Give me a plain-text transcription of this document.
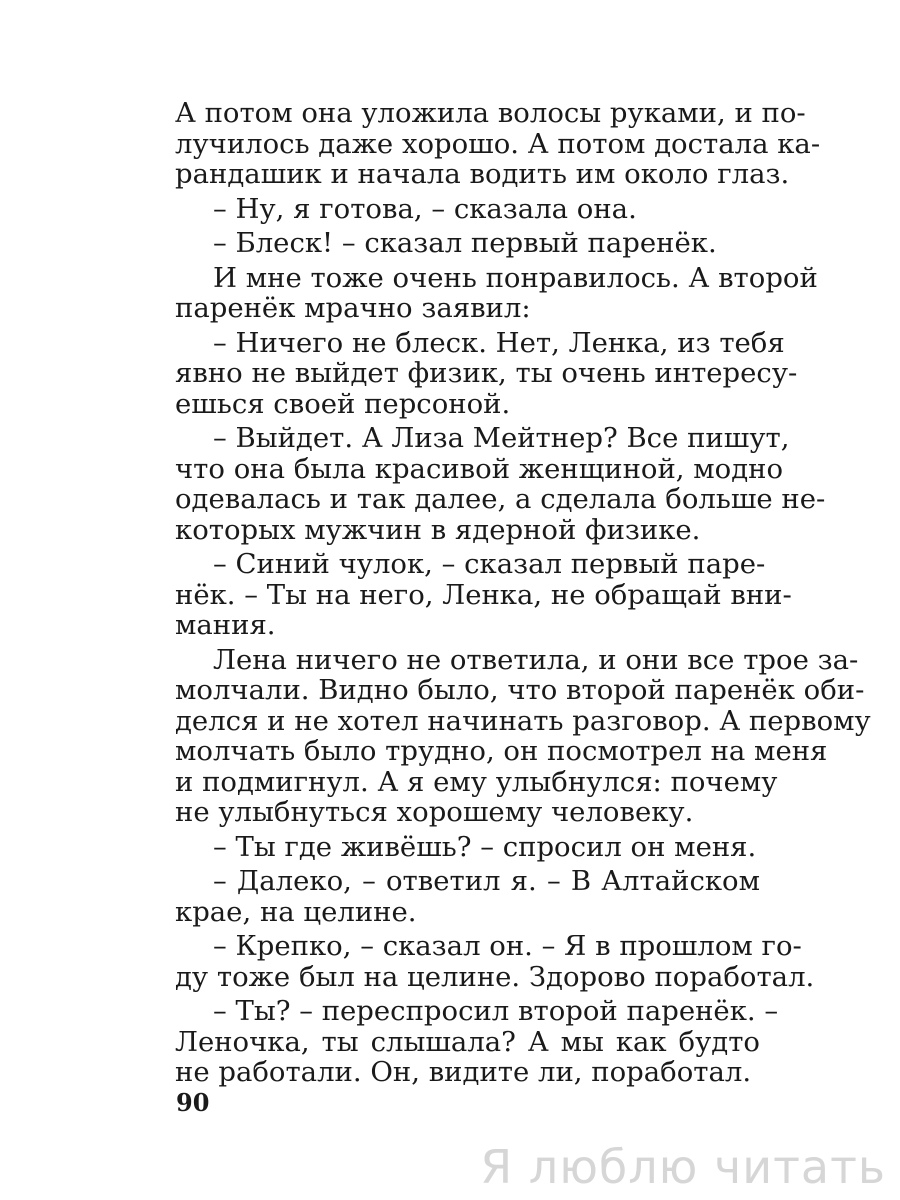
А потом она уложила волосы руками, и по-
лучилось даже хорошо. А потом достала ка-
рандашик и начала водить им около глаз.
– Ну, я готова, – сказала она.
– Блеск! – сказал первый паренёк.
И мне тоже очень понравилось. А второй
паренёк мрачно заявил:
– Ничего не блеск. Нет, Ленка, из тебя
явно не выйдет физик, ты очень интересу-
ешься своей персоной.
– Выйдет. А Лиза Мейтнер? Все пишут,
что она была красивой женщиной, модно
одевалась и так далее, а сделала больше не-
которых мужчин в ядерной физике.
– Синий чулок, – сказал первый паре-
нёк. – Ты на него, Ленка, не обращай вни-
мания.
Лена ничего не ответила, и они все трое за-
молчали. Видно было, что второй паренёк оби-
делся и не хотел начинать разговор. А первому
молчать было трудно, он посмотрел на меня
и подмигнул. А я ему улыбнулся: почему
не улыбнуться хорошему человеку.
– Ты где живёшь? – спросил он меня.
– Далеко, – ответил я. – В Алтайском
крае, на целине.
– Крепко, – сказал он. – Я в прошлом го-
ду тоже был на целине. Здорово поработал.
– Ты? – переспросил второй паренёк. –
Леночка, ты слышала? А мы как будто
не работали. Он, видите ли, поработал.
90
Я люблю читать
